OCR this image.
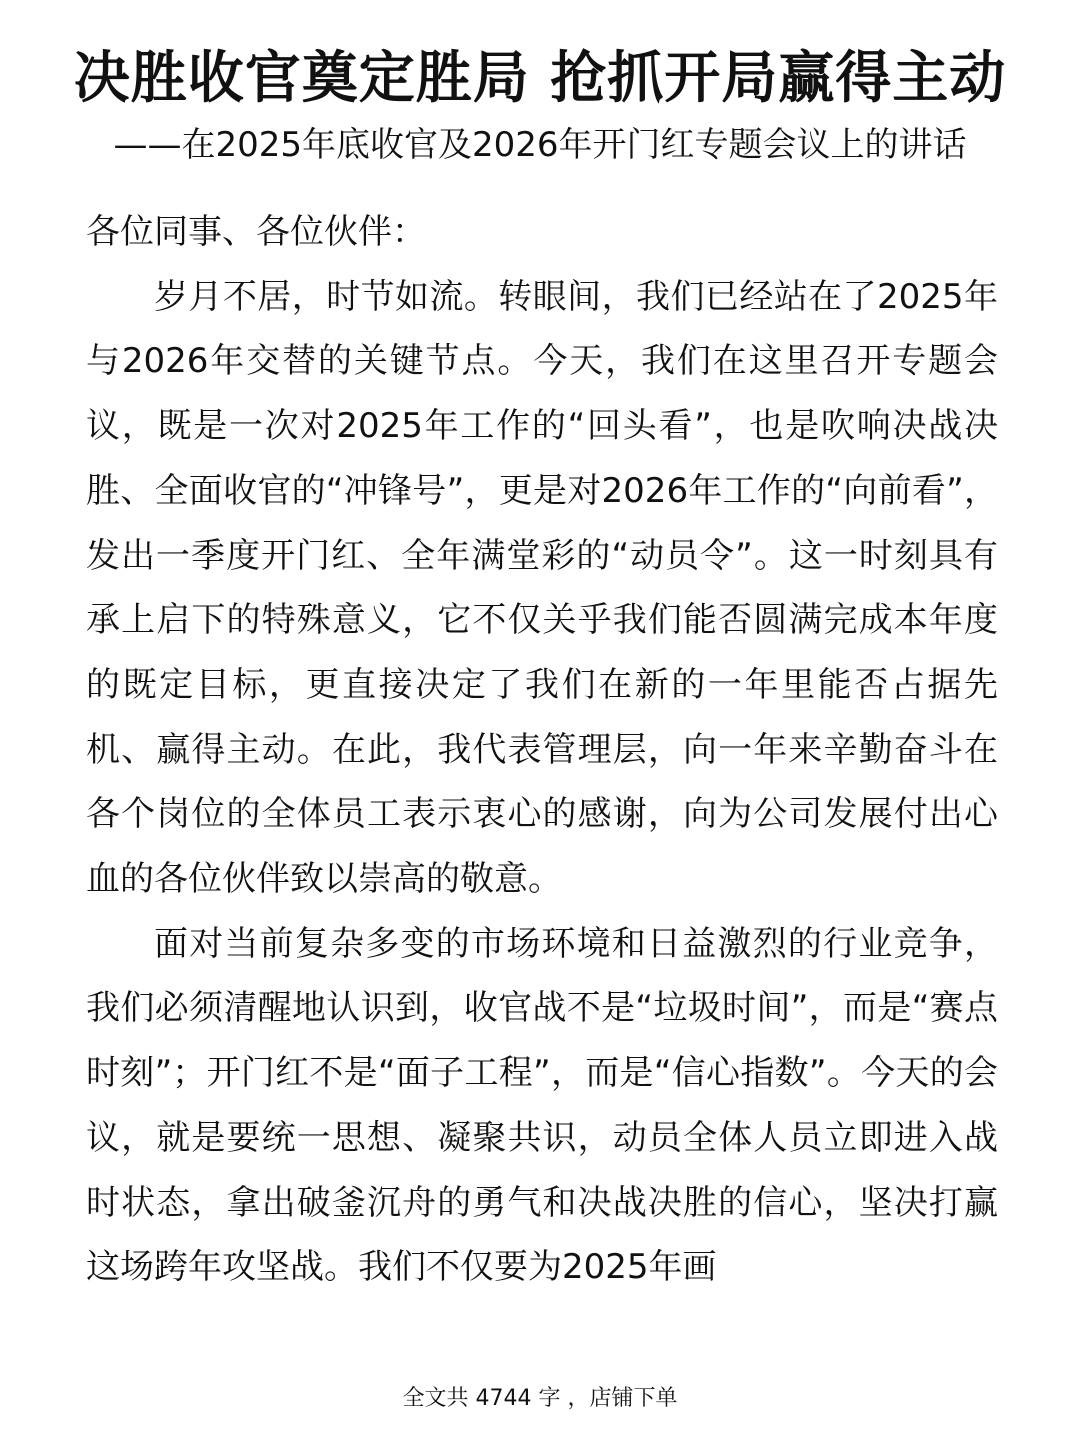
决胜收官奠定胜局 抢抓开局赢得主动
——在2025年底收官及2026年开门红专题会议上的讲话

各位同事、各位伙伴：

岁月不居，时节如流。转眼间，我们已经站在了2025年与2026年交替的关键节点。今天，我们在这里召开专题会议，既是一次对2025年工作的“回头看”，也是吹响决战决胜、全面收官的“冲锋号”，更是对2026年工作的“向前看”，发出一季度开门红、全年满堂彩的“动员令”。这一时刻具有承上启下的特殊意义，它不仅关乎我们能否圆满完成本年度的既定目标，更直接决定了我们在新的一年里能否占据先机、赢得主动。在此，我代表管理层，向一年来辛勤奋斗在各个岗位的全体员工表示衷心的感谢，向为公司发展付出心血的各位伙伴致以崇高的敬意。

面对当前复杂多变的市场环境和日益激烈的行业竞争，我们必须清醒地认识到，收官战不是“垃圾时间”，而是“赛点时刻”；开门红不是“面子工程”，而是“信心指数”。今天的会议，就是要统一思想、凝聚共识，动员全体人员立即进入战时状态，拿出破釜沉舟的勇气和决战决胜的信心，坚决打赢这场跨年攻坚战。我们不仅要为2025年画

全文共 4744 字 ，店铺下单
